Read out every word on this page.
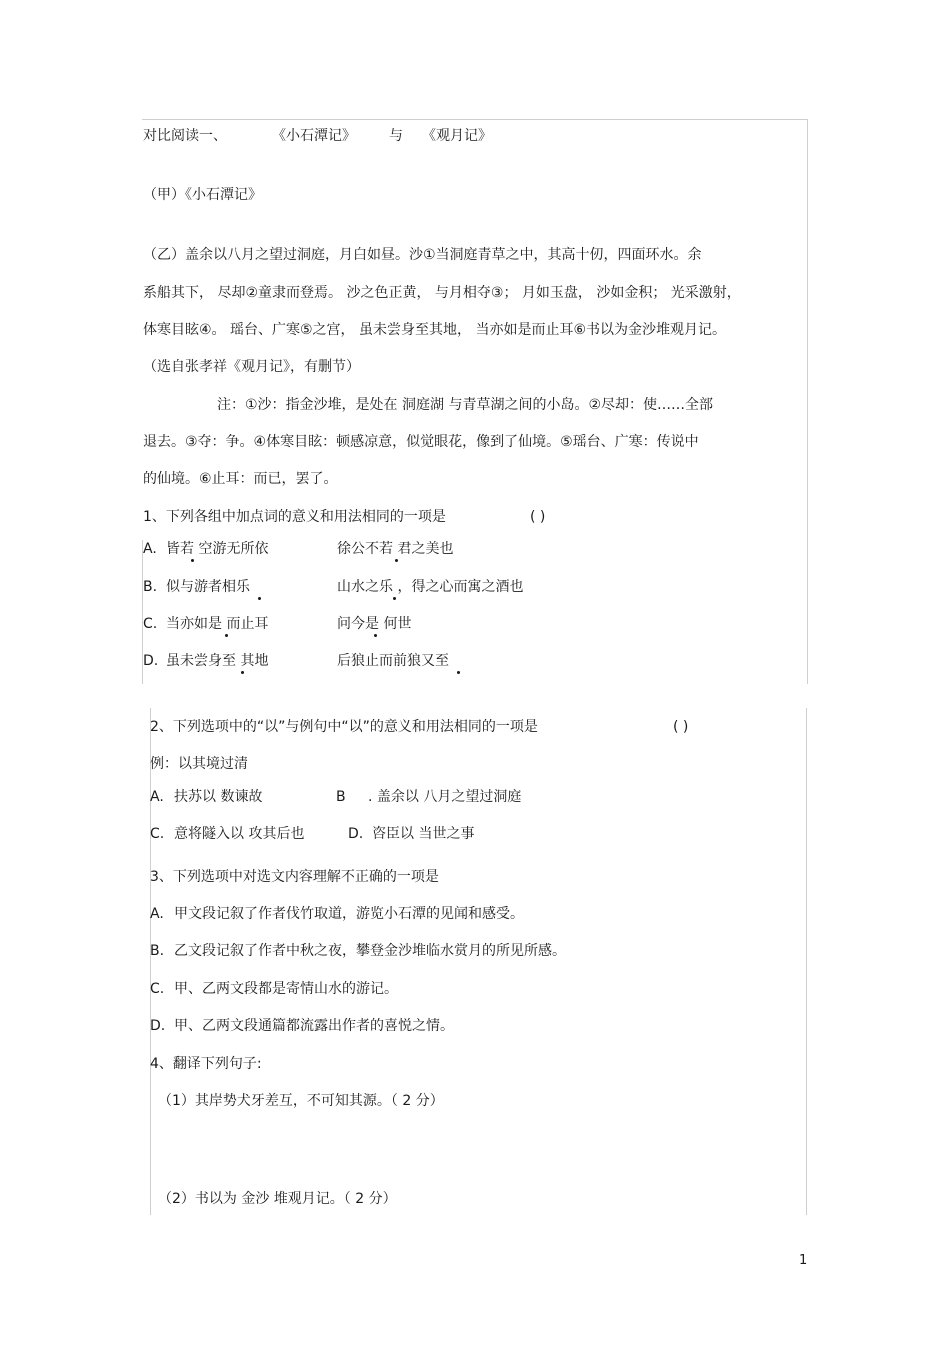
对比阅读一、	《小石潭记》 与 《观月记》
（甲）《小石潭记》
（乙）盖余以八月之望过洞庭，月白如昼。沙①当洞庭青草之中，其高十仞，四面环水。余
系船其下， 尽却②童隶而登焉。 沙之色正黄， 与月相夺③； 月如玉盘， 沙如金积； 光采激射，
体寒目眩④。 瑶台、广寒⑤之宫， 虽未尝身至其地， 当亦如是而止耳⑥书以为金沙堆观月记。
（选自张孝祥《观月记》，有删节）
注：①沙：指金沙堆，是处在 洞庭湖 与青草湖之间的小岛。②尽却：使……全部
退去。③夺：争。④体寒目眩：顿感凉意，似觉眼花，像到了仙境。⑤瑶台、广寒：传说中
的仙境。⑥止耳：而已，罢了。
1、下列各组中加点词的意义和用法相同的一项是	( )
A. 皆若 空游无所依	徐公不若 君之美也
B. 似与游者相乐	山水之乐 ，得之心而寓之酒也
C. 当亦如是 而止耳	问今是 何世
D. 虽未尝身至 其地	后狼止而前狼又至
2、下列选项中的“以”与例句中“以”的意义和用法相同的一项是	( )
例：以其境过清
A. 扶苏以 数谏故	B . 盖余以 八月之望过洞庭
C. 意将隧入以 攻其后也	D. 咨臣以 当世之事
3、下列选项中对选文内容理解不正确的一项是
A. 甲文段记叙了作者伐竹取道，游览小石潭的见闻和感受。
B. 乙文段记叙了作者中秋之夜，攀登金沙堆临水赏月的所见所感。
C. 甲、乙两文段都是寄情山水的游记。
D. 甲、乙两文段通篇都流露出作者的喜悦之情。
4、翻译下列句子:
（1）其岸势犬牙差互，不可知其源。（ 2 分）
（2）书以为 金沙 堆观月记。（ 2 分）
1
